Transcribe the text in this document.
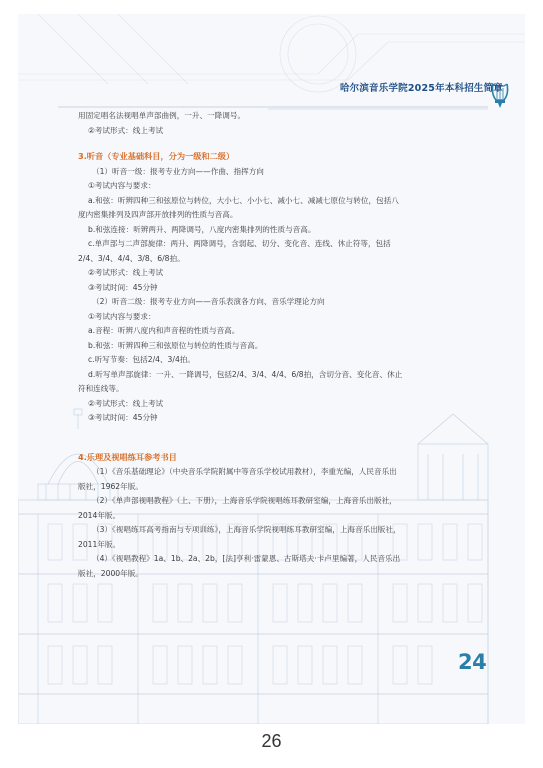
哈尔滨音乐学院2025年本科招生简章
用固定唱名法视唱单声部曲例，一升、一降调号。
②考试形式：线上考试
3.听音（专业基础科目，分为一级和二级）
（1）听音一级：报考专业方向——作曲、指挥方向
①考试内容与要求：
a.和弦：听辨四种三和弦原位与转位，大小七、小小七、减小七、减减七原位与转位，包括八
度内密集排列及四声部开放排列的性质与音高。
b.和弦连接：听辨两升、两降调号，八度内密集排列的性质与音高。
c.单声部与二声部旋律：两升、两降调号，含弱起、切分、变化音、连线、休止符等，包括
2/4、3/4、4/4、3/8、6/8拍。
②考试形式：线上考试
③考试时间：45分钟
（2）听音二级：报考专业方向——音乐表演各方向、音乐学理论方向
①考试内容与要求：
a.音程：听辨八度内和声音程的性质与音高。
b.和弦：听辨四种三和弦原位与转位的性质与音高。
c.听写节奏：包括2/4、3/4拍。
d.听写单声部旋律：一升、一降调号，包括2/4、3/4、4/4、6/8拍，含切分音、变化音、休止
符和连线等。
②考试形式：线上考试
③考试时间：45分钟
4.乐理及视唱练耳参考书目
（1）《音乐基础理论》（中央音乐学院附属中等音乐学校试用教材），李重光编，人民音乐出
版社，1962年版。
（2）《单声部视唱教程》（上、下册），上海音乐学院视唱练耳教研室编，上海音乐出版社，
2014年版。
（3）《视唱练耳高考指南与专项训练》，上海音乐学院视唱练耳教研室编，上海音乐出版社，
2011年版。
（4）《视唱教程》1a、1b、2a、2b，[法]亨利·雷蒙恩、古斯塔夫·卡卢里编著，人民音乐出
版社，2000年版。
24
26
